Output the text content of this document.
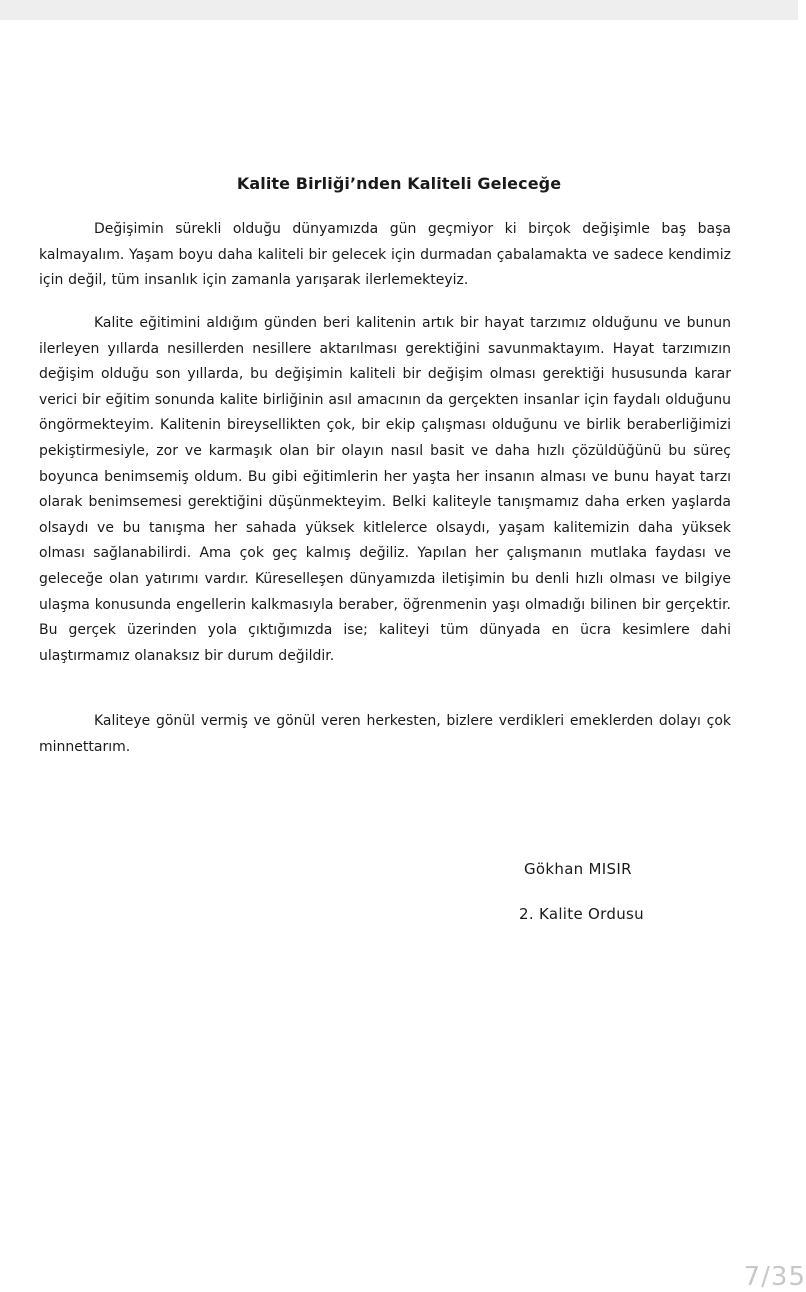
Kalite Birliği’nden Kaliteli Geleceğe

Değişimin sürekli olduğu dünyamızda gün geçmiyor ki birçok değişimle baş başa kalmayalım. Yaşam boyu daha kaliteli bir gelecek için durmadan çabalamakta ve sadece kendimiz için değil, tüm insanlık için zamanla yarışarak ilerlemekteyiz.

Kalite eğitimini aldığım günden beri kalitenin artık bir hayat tarzımız olduğunu ve bunun ilerleyen yıllarda nesillerden nesillere aktarılması gerektiğini savunmaktayım. Hayat tarzımızın değişim olduğu son yıllarda, bu değişimin kaliteli bir değişim olması gerektiği hususunda karar verici bir eğitim sonunda kalite birliğinin asıl amacının da gerçekten insanlar için faydalı olduğunu öngörmekteyim. Kalitenin bireysellikten çok, bir ekip çalışması olduğunu ve birlik beraberliğimizi pekiştirmesiyle, zor ve karmaşık olan bir olayın nasıl basit ve daha hızlı çözüldüğünü bu süreç boyunca benimsemiş oldum. Bu gibi eğitimlerin her yaşta her insanın alması ve bunu hayat tarzı olarak benimsemesi gerektiğini düşünmekteyim. Belki kaliteyle tanışmamız daha erken yaşlarda olsaydı ve bu tanışma her sahada yüksek kitlelerce olsaydı, yaşam kalitemizin daha yüksek olması sağlanabilirdi. Ama çok geç kalmış değiliz. Yapılan her çalışmanın mutlaka faydası ve geleceğe olan yatırımı vardır. Küreselleşen dünyamızda iletişimin bu denli hızlı olması ve bilgiye ulaşma konusunda engellerin kalkmasıyla beraber, öğrenmenin yaşı olmadığı bilinen bir gerçektir. Bu gerçek üzerinden yola çıktığımızda ise; kaliteyi tüm dünyada en ücra kesimlere dahi ulaştırmamız olanaksız bir durum değildir.

Kaliteye gönül vermiş ve gönül veren herkesten, bizlere verdikleri emeklerden dolayı çok minnettarım.

Gökhan MISIR
2. Kalite Ordusu
7/35
